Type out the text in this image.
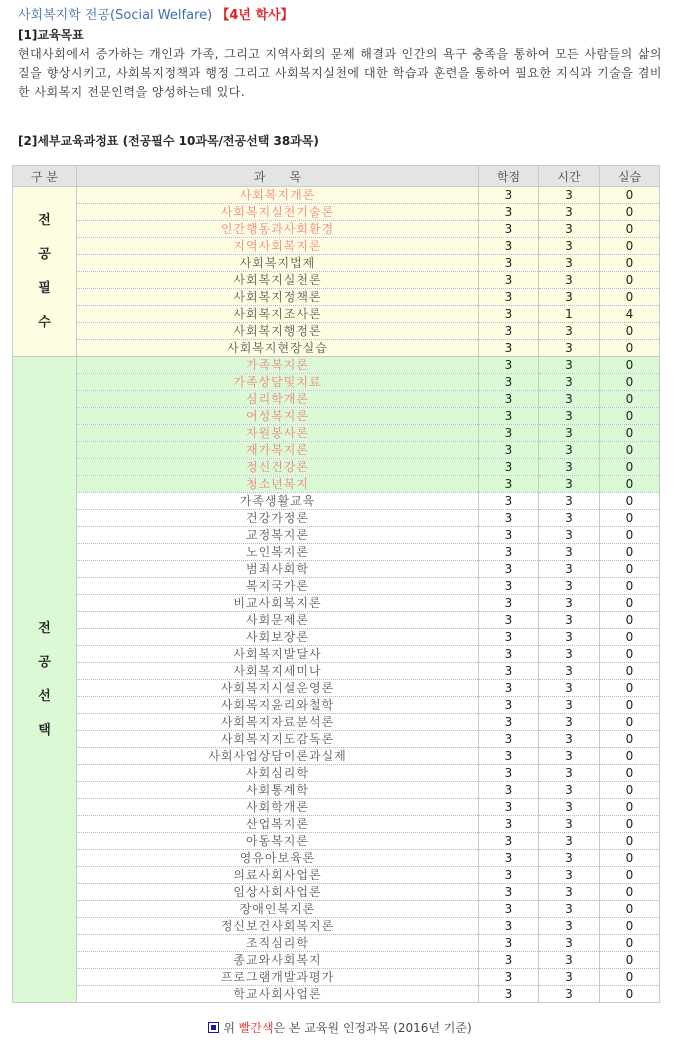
사회복지학 전공(Social Welfare) 【4년 학사】
[1]교육목표
현대사회에서 증가하는 개인과 가족, 그리고 지역사회의 문제 해결과 인간의 욕구 충족을 통하여 모든 사람들의 삶의 질을 향상시키고, 사회복지정책과 행정 그리고 사회복지실천에 대한 학습과 훈련을 통하여 필요한 지식과 기술을 겸비한 사회복지 전문인력을 양성하는데 있다.
[2]세부교육과정표 (전공필수 10과목/전공선택 38과목)
구 분	과　　목	학점	시간	실습
전
공
필
수	사회복지개론	3	3	0
	사회복지실천기술론	3	3	0
	인간행동과사회환경	3	3	0
	지역사회복지론	3	3	0
	사회복지법제	3	3	0
	사회복지실천론	3	3	0
	사회복지정책론	3	3	0
	사회복지조사론	3	1	4
	사회복지행정론	3	3	0
	사회복지현장실습	3	3	0
전
공
선
택	가족복지론	3	3	0
	가족상담및치료	3	3	0
	심리학개론	3	3	0
	여성복지론	3	3	0
	자원봉사론	3	3	0
	재가복지론	3	3	0
	정신건강론	3	3	0
	청소년복지	3	3	0
	가족생활교육	3	3	0
	건강가정론	3	3	0
	교정복지론	3	3	0
	노인복지론	3	3	0
	범죄사회학	3	3	0
	복지국가론	3	3	0
	비교사회복지론	3	3	0
	사회문제론	3	3	0
	사회보장론	3	3	0
	사회복지발달사	3	3	0
	사회복지세미나	3	3	0
	사회복지시설운영론	3	3	0
	사회복지윤리와철학	3	3	0
	사회복지자료분석론	3	3	0
	사회복지지도감독론	3	3	0
	사회사업상담이론과실제	3	3	0
	사회심리학	3	3	0
	사회통계학	3	3	0
	사회학개론	3	3	0
	산업복지론	3	3	0
	아동복지론	3	3	0
	영유아보육론	3	3	0
	의료사회사업론	3	3	0
	임상사회사업론	3	3	0
	장애인복지론	3	3	0
	정신보건사회복지론	3	3	0
	조직심리학	3	3	0
	종교와사회복지	3	3	0
	프로그램개발과평가	3	3	0
	학교사회사업론	3	3	0
위 빨간색은 본 교육원 인정과목 (2016년 기준)
